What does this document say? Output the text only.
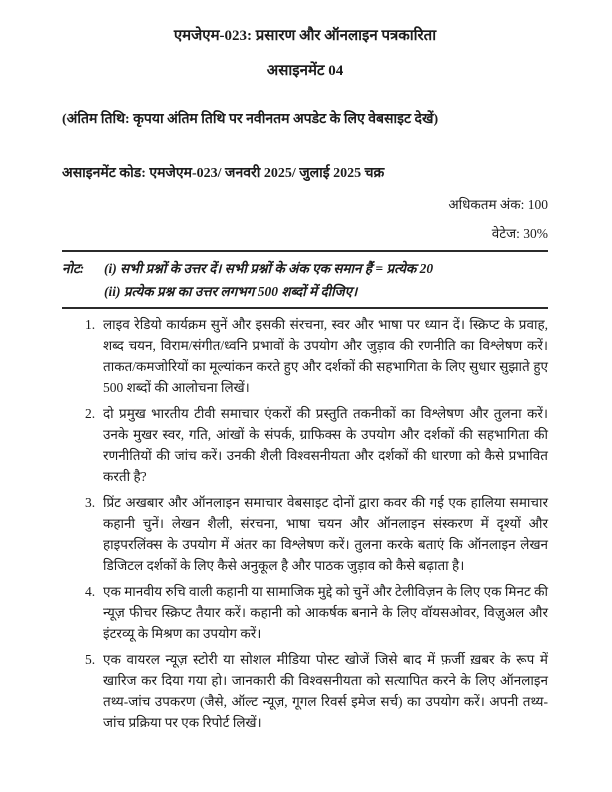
एमजेएम-023: प्रसारण और ऑनलाइन पत्रकारिता
असाइनमेंट 04

(अंतिम तिथि: कृपया अंतिम तिथि पर नवीनतम अपडेट के लिए वेबसाइट देखें)

असाइनमेंट कोड: एमजेएम-023/ जनवरी 2025/ जुलाई 2025 चक्र

अधिकतम अंक: 100

वेटेज: 30%

नोट: (i) सभी प्रश्नों के उत्तर दें। सभी प्रश्नों के अंक एक समान हैं = प्रत्येक 20

(ii) प्रत्येक प्रश्न का उत्तर लगभग 500 शब्दों में दीजिए।

1. लाइव रेडियो कार्यक्रम सुनें और इसकी संरचना, स्वर और भाषा पर ध्यान दें। स्क्रिप्ट के प्रवाह, शब्द चयन, विराम/संगीत/ध्वनि प्रभावों के उपयोग और जुड़ाव की रणनीति का विश्लेषण करें। ताकत/कमजोरियों का मूल्यांकन करते हुए और दर्शकों की सहभागिता के लिए सुधार सुझाते हुए 500 शब्दों की आलोचना लिखें।

2. दो प्रमुख भारतीय टीवी समाचार एंकरों की प्रस्तुति तकनीकों का विश्लेषण और तुलना करें। उनके मुखर स्वर, गति, आंखों के संपर्क, ग्राफिक्स के उपयोग और दर्शकों की सहभागिता की रणनीतियों की जांच करें। उनकी शैली विश्वसनीयता और दर्शकों की धारणा को कैसे प्रभावित करती है?

3. प्रिंट अखबार और ऑनलाइन समाचार वेबसाइट दोनों द्वारा कवर की गई एक हालिया समाचार कहानी चुनें। लेखन शैली, संरचना, भाषा चयन और ऑनलाइन संस्करण में दृश्यों और हाइपरलिंक्स के उपयोग में अंतर का विश्लेषण करें। तुलना करके बताएं कि ऑनलाइन लेखन डिजिटल दर्शकों के लिए कैसे अनुकूल है और पाठक जुड़ाव को कैसे बढ़ाता है।

4. एक मानवीय रुचि वाली कहानी या सामाजिक मुद्दे को चुनें और टेलीविज़न के लिए एक मिनट की न्यूज़ फीचर स्क्रिप्ट तैयार करें। कहानी को आकर्षक बनाने के लिए वॉयसओवर, विज़ुअल और इंटरव्यू के मिश्रण का उपयोग करें।

5. एक वायरल न्यूज़ स्टोरी या सोशल मीडिया पोस्ट खोजें जिसे बाद में फ़र्जी ख़बर के रूप में खारिज कर दिया गया हो। जानकारी की विश्वसनीयता को सत्यापित करने के लिए ऑनलाइन तथ्य-जांच उपकरण (जैसे, ऑल्ट न्यूज़, गूगल रिवर्स इमेज सर्च) का उपयोग करें। अपनी तथ्य-जांच प्रक्रिया पर एक रिपोर्ट लिखें।
